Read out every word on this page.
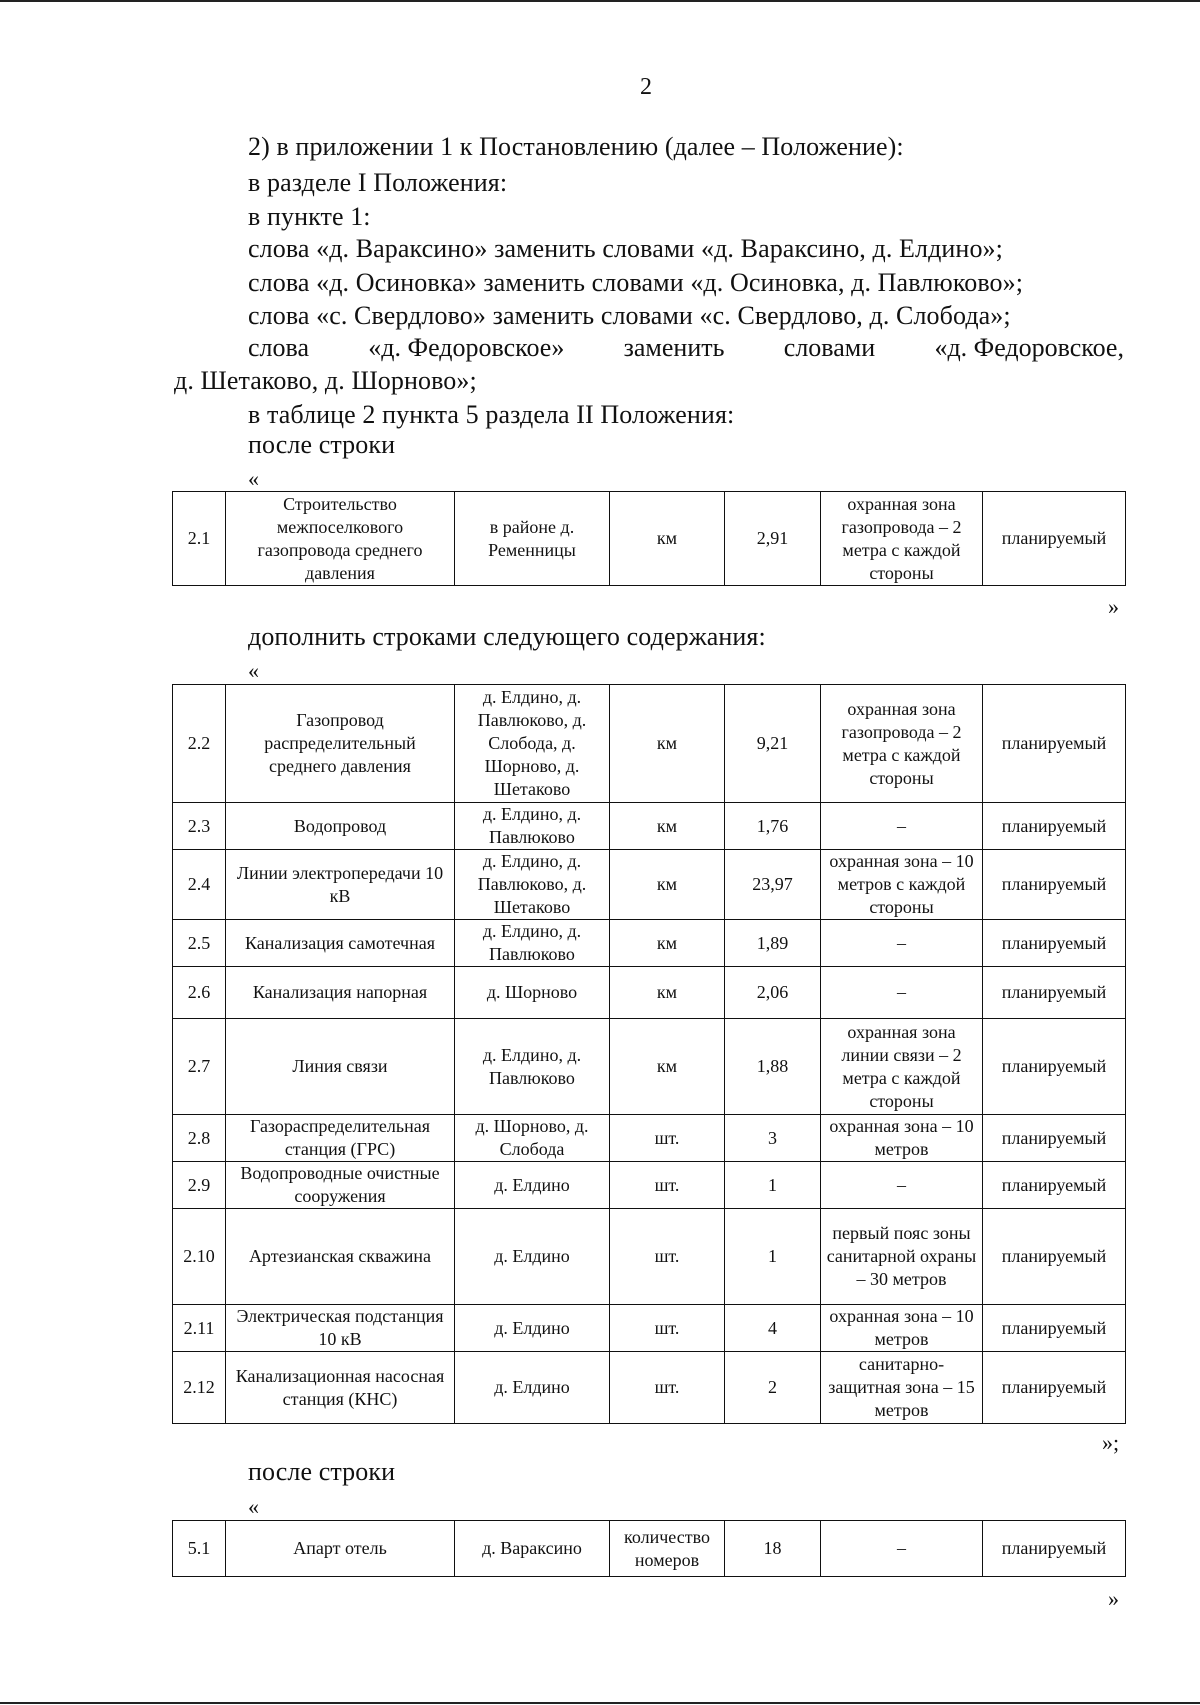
2
2) в приложении 1 к Постановлению (далее – Положение):
в разделе I Положения:
в пункте 1:
слова «д. Вараксино» заменить словами «д. Вараксино, д. Елдино»;
слова «д. Осиновка» заменить словами «д. Осиновка, д. Павлюково»;
слова «с. Свердлово» заменить словами «с. Свердлово, д. Слобода»;
слова «д. Федоровское» заменить словами «д. Федоровское,
д. Шетаково, д. Шорново»;
в таблице 2 пункта 5 раздела II Положения:
после строки
«
2.1	Строительство межпоселкового газопровода среднего давления	в районе д. Ременницы	км	2,91	охранная зона газопровода – 2 метра с каждой стороны	планируемый
»
дополнить строками следующего содержания:
«
2.2	Газопровод распределительный среднего давления	д. Елдино, д. Павлюково, д. Слобода, д. Шорново, д. Шетаково	км	9,21	охранная зона газопровода – 2 метра с каждой стороны	планируемый
2.3	Водопровод	д. Елдино, д. Павлюково	км	1,76	–	планируемый
2.4	Линии электропередачи 10 кВ	д. Елдино, д. Павлюково, д. Шетаково	км	23,97	охранная зона – 10 метров с каждой стороны	планируемый
2.5	Канализация самотечная	д. Елдино, д. Павлюково	км	1,89	–	планируемый
2.6	Канализация напорная	д. Шорново	км	2,06	–	планируемый
2.7	Линия связи	д. Елдино, д. Павлюково	км	1,88	охранная зона линии связи – 2 метра с каждой стороны	планируемый
2.8	Газораспределительная станция (ГРС)	д. Шорново, д. Слобода	шт.	3	охранная зона – 10 метров	планируемый
2.9	Водопроводные очистные сооружения	д. Елдино	шт.	1	–	планируемый
2.10	Артезианская скважина	д. Елдино	шт.	1	первый пояс зоны санитарной охраны – 30 метров	планируемый
2.11	Электрическая подстанция 10 кВ	д. Елдино	шт.	4	охранная зона – 10 метров	планируемый
2.12	Канализационная насосная станция (КНС)	д. Елдино	шт.	2	санитарно-защитная зона – 15 метров	планируемый
»;
после строки
«
5.1	Апарт отель	д. Вараксино	количество номеров	18	–	планируемый
»
